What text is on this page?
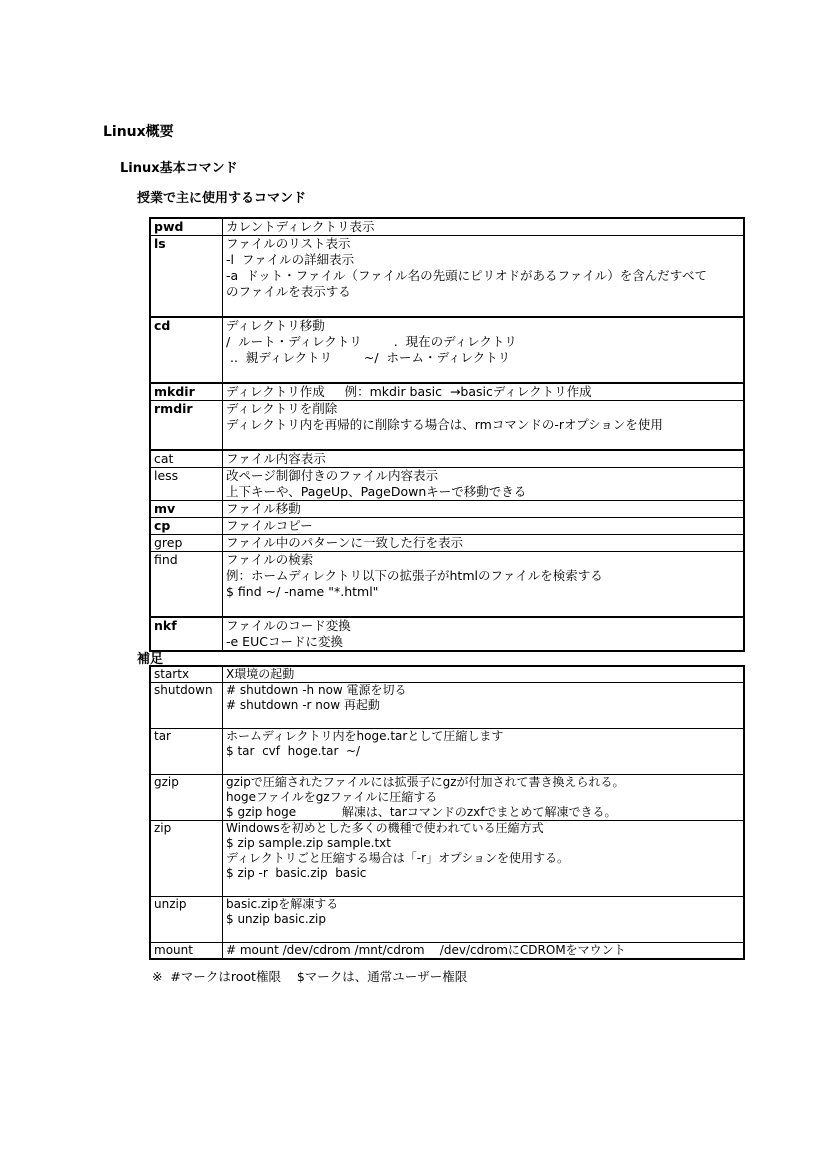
Linux概要
Linux基本コマンド
授業で主に使用するコマンド
pwd	カレントディレクトリ表示

ls	ファイルのリスト表示
-l  ファイルの詳細表示
-a  ドット・ファイル（ファイル名の先頭にピリオドがあるファイル）を含んだすべて
のファイルを表示する

cd	ディレクトリ移動
/  ルート・ディレクトリ        .  現在のディレクトリ
..  親ディレクトリ        ~/  ホーム・ディレクトリ

mkdir	ディレクトリ作成     例：mkdir basic  →basicディレクトリ作成

rmdir	ディレクトリを削除
ディレクトリ内を再帰的に削除する場合は、rmコマンドの-rオプションを使用

cat	ファイル内容表示

less	改ページ制御付きのファイル内容表示
上下キーや、PageUp、PageDownキーで移動できる

mv	ファイル移動

cp	ファイルコピー

grep	ファイル中のパターンに一致した行を表示

find	ファイルの検索
例：ホームディレクトリ以下の拡張子がhtmlのファイルを検索する
$ find ~/ -name "*.html"

nkf	ファイルのコード変換
-e EUCコードに変換
補足
startx	X環境の起動

shutdown	# shutdown -h now 電源を切る
# shutdown -r now 再起動

tar	ホームディレクトリ内をhoge.tarとして圧縮します
$ tar  cvf  hoge.tar  ~/

gzip	gzipで圧縮されたファイルには拡張子にgzが付加されて書き換えられる。
hogeファイルをgzファイルに圧縮する
$ gzip hoge            解凍は、tarコマンドのzxfでまとめて解凍できる。

zip	Windowsを初めとした多くの機種で使われている圧縮方式
$ zip sample.zip sample.txt
ディレクトリごと圧縮する場合は「-r」オプションを使用する。
$ zip -r  basic.zip  basic

unzip	basic.zipを解凍する
$ unzip basic.zip

mount	# mount /dev/cdrom /mnt/cdrom    /dev/cdromにCDROMをマウント
※  #マークはroot権限    $マークは、通常ユーザー権限
